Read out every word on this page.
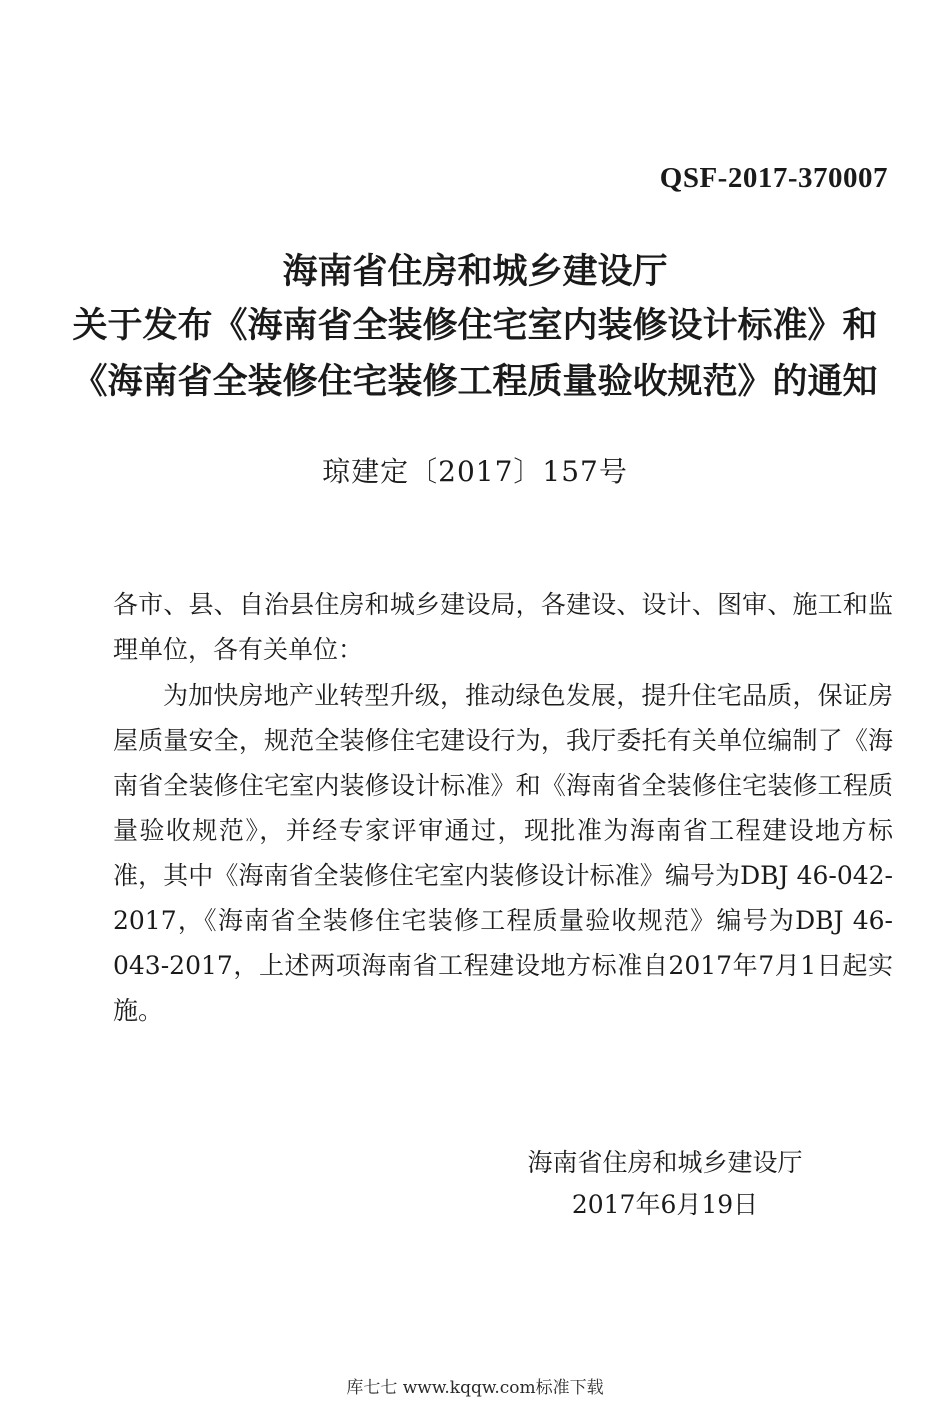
QSF-2017-370007
海南省住房和城乡建设厅
关于发布《海南省全装修住宅室内装修设计标准》和
《海南省全装修住宅装修工程质量验收规范》的通知
琼建定〔2017〕157号
各市、县、自治县住房和城乡建设局，各建设、设计、图审、施工和监理单位，各有关单位：
为加快房地产业转型升级，推动绿色发展，提升住宅品质，保证房屋质量安全，规范全装修住宅建设行为，我厅委托有关单位编制了《海南省全装修住宅室内装修设计标准》和《海南省全装修住宅装修工程质量验收规范》，并经专家评审通过，现批准为海南省工程建设地方标准，其中《海南省全装修住宅室内装修设计标准》编号为DBJ 46-042-2017，《海南省全装修住宅装修工程质量验收规范》编号为DBJ 46-043-2017，上述两项海南省工程建设地方标准自2017年7月1日起实施。
海南省住房和城乡建设厅
2017年6月19日
库七七 www.kqqw.com标准下载
